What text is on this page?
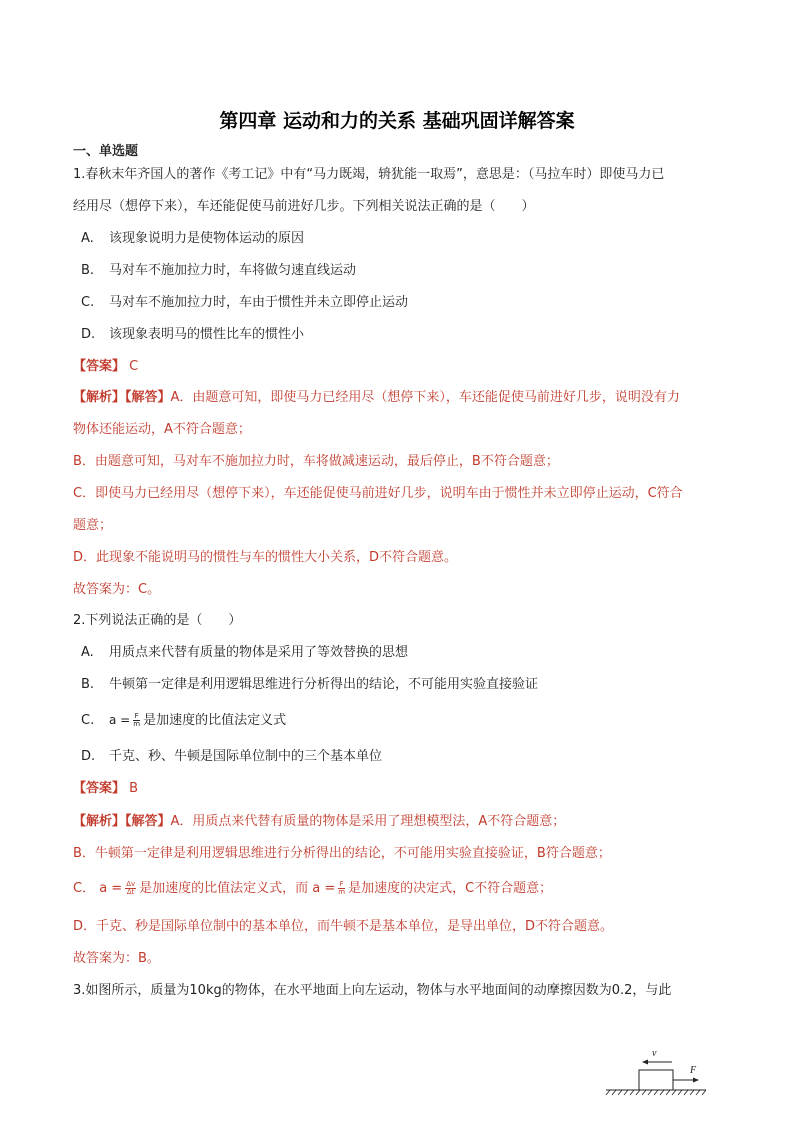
第四章 运动和力的关系 基础巩固详解答案
一、单选题
1.春秋末年齐国人的著作《考工记》中有“马力既竭，辀犹能一取焉”，意思是：（马拉车时）即使马力已
经用尽（想停下来），车还能促使马前进好几步。下列相关说法正确的是（　　）
A. 该现象说明力是使物体运动的原因
B. 马对车不施加拉力时，车将做匀速直线运动
C. 马对车不施加拉力时，车由于惯性并未立即停止运动
D. 该现象表明马的惯性比车的惯性小
【答案】 C
【解析】【解答】A．由题意可知，即使马力已经用尽（想停下来），车还能促使马前进好几步，说明没有力
物体还能运动，A不符合题意；
B．由题意可知，马对车不施加拉力时，车将做减速运动，最后停止，B不符合题意；
C．即使马力已经用尽（想停下来），车还能促使马前进好几步，说明车由于惯性并未立即停止运动，C符合
题意；
D．此现象不能说明马的惯性与车的惯性大小关系，D不符合题意。
故答案为：C。
2.下列说法正确的是（　　）
A. 用质点来代替有质量的物体是采用了等效替换的思想
B. 牛顿第一定律是利用逻辑思维进行分析得出的结论，不可能用实验直接验证
C. $a = \frac{F}{m}$ 是加速度的比值法定义式
D. 千克、秒、牛顿是国际单位制中的三个基本单位
【答案】 B
【解析】【解答】A．用质点来代替有质量的物体是采用了理想模型法，A不符合题意；
B．牛顿第一定律是利用逻辑思维进行分析得出的结论，不可能用实验直接验证，B符合题意；
C． $a = \frac{\Delta v}{\Delta t}$ 是加速度的比值法定义式，而 $a = \frac{F}{m}$ 是加速度的决定式，C不符合题意；
D．千克、秒是国际单位制中的基本单位，而牛顿不是基本单位，是导出单位，D不符合题意。
故答案为：B。
3.如图所示，质量为10kg的物体，在水平地面上向左运动，物体与水平地面间的动摩擦因数为0.2，与此
v
F
